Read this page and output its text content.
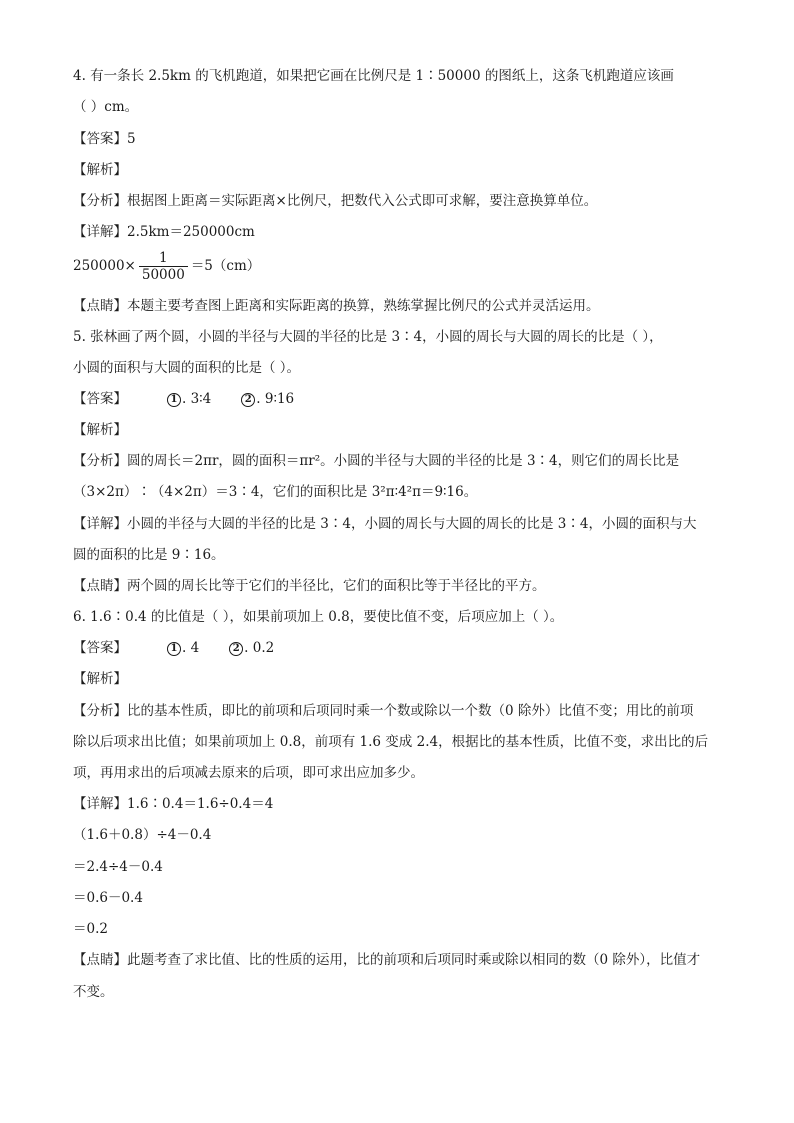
4. 有一条长 2.5km 的飞机跑道，如果把它画在比例尺是 1∶50000 的图纸上，这条飞机跑道应该画
（ ）cm。
【答案】5
【解析】
【分析】根据图上距离＝实际距离×比例尺，把数代入公式即可求解，要注意换算单位。
【详解】2.5km＝250000cm
$250000\times \frac{1}{50000} =5(cm)$
【点睛】本题主要考查图上距离和实际距离的换算，熟练掌握比例尺的公式并灵活运用。
5. 张林画了两个圆，小圆的半径与大圆的半径的比是 3∶4，小圆的周长与大圆的周长的比是（ ），
小圆的面积与大圆的面积的比是（ ）。
【答案】	1 . 3∶4	2 . 9∶16
【解析】
【分析】圆的周长＝2πr，圆的面积＝πr²。小圆的半径与大圆的半径的比是 3∶4，则它们的周长比是
（3×2π）∶（4×2π）＝3∶4，它们的面积比是 3²π∶4²π＝9∶16。
【详解】小圆的半径与大圆的半径的比是 3∶4，小圆的周长与大圆的周长的比是 3∶4，小圆的面积与大
圆的面积的比是 9∶16。
【点睛】两个圆的周长比等于它们的半径比，它们的面积比等于半径比的平方。
6. 1.6∶0.4 的比值是（ ），如果前项加上 0.8，要使比值不变，后项应加上（ ）。
【答案】	1 . 4	2 . 0.2
【解析】
【分析】比的基本性质，即比的前项和后项同时乘一个数或除以一个数（0 除外）比值不变；用比的前项
除以后项求出比值；如果前项加上 0.8，前项有 1.6 变成 2.4，根据比的基本性质，比值不变，求出比的后
项，再用求出的后项减去原来的后项，即可求出应加多少。
【详解】1.6∶0.4＝1.6÷0.4＝4
（1.6＋0.8）÷4－0.4
＝2.4÷4－0.4
＝0.6－0.4
＝0.2
【点睛】此题考查了求比值、比的性质的运用，比的前项和后项同时乘或除以相同的数（0 除外），比值才
不变。
